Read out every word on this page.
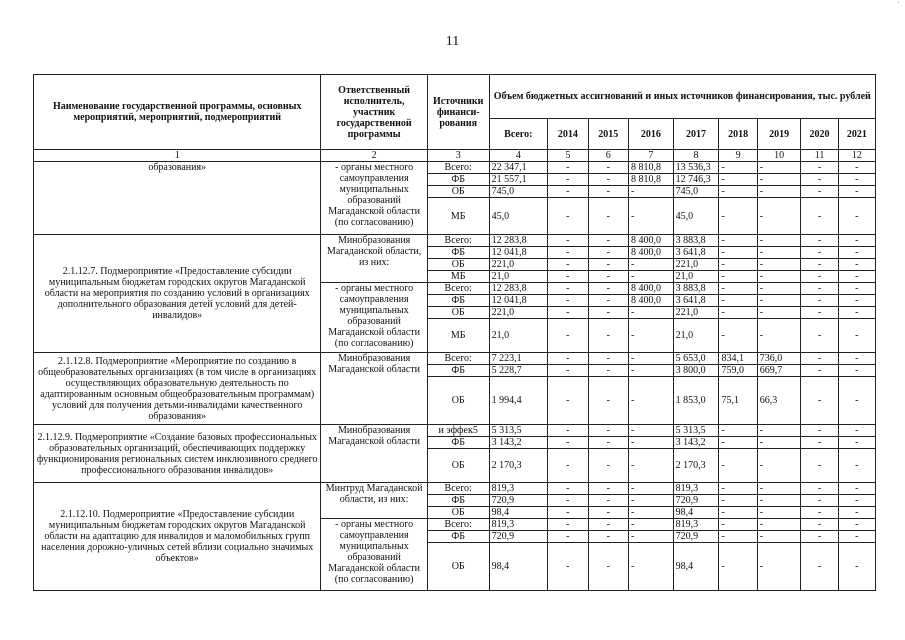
11
'
Наименование государственной программы, основных мероприятий, мероприятий, подмероприятий	Ответственный исполнитель, участник государственной программы	Источники финанси-рования	Объем бюджетных ассигнований и иных источников финансирования, тыс. рублей								
			Всего:	2014	2015	2016	2017	2018	2019	2020	2021
1	2	3	4	5	6	7	8	9	10	11	12
образования»	- органы местного самоуправления муниципальных образований Магаданской области (по согласованию)	Всего:	22 347,1	-	-	8 810,8	13 536,3	-	-	-	-
		ФБ	21 557,1	-	-	8 810,8	12 746,3	-	-	-	-
		ОБ	745,0	-	-	-	745,0	-	-	-	-
		МБ	45,0	-	-	-	45,0	-	-	-	-
2.1.12.7. Подмероприятие «Предоставление субсидии муниципальным бюджетам городских округов Магаданской области на мероприятия по созданию условий в организациях дополнительного образования детей условий для детей-инвалидов»	Минобразования Магаданской области, из них:	Всего:	12 283,8	-	-	8 400,0	3 883,8	-	-	-	-
		ФБ	12 041,8	-	-	8 400,0	3 641,8	-	-	-	-
		ОБ	221,0	-	-	-	221,0	-	-	-	-
		МБ	21,0	-	-	-	21,0	-	-	-	-
	- органы местного самоуправления муниципальных образований Магаданской области (по согласованию)	Всего:	12 283,8	-	-	8 400,0	3 883,8	-	-	-	-
		ФБ	12 041,8	-	-	8 400,0	3 641,8	-	-	-	-
		ОБ	221,0	-	-	-	221,0	-	-	-	-
		МБ	21,0	-	-	-	21,0	-	-	-	-
2.1.12.8. Подмероприятие «Мероприятие по созданию в общеобразовательных организациях (в том числе в организациях осуществляющих образовательную деятельность по адаптированным основным общеобразовательным программам) условий для получения детьми-инвалидами качественного образования»	Минобразования Магаданской области	Всего:	7 223,1	-	-	-	5 653,0	834,1	736,0	-	-
		ФБ	5 228,7	-	-	-	3 800,0	759,0	669,7	-	-
		ОБ	1 994,4	-	-	-	1 853,0	75,1	66,3	-	-
2.1.12.9. Подмероприятие «Создание базовых профессиональных образовательных организаций, обеспечивающих поддержку функционирования региональных систем инклюзивного среднего профессионального образования инвалидов»	Минобразования Магаданской области	и эффек5	5 313,5	-	-	-	5 313,5	-	-	-	-
		ФБ	3 143,2	-	-	-	3 143,2	-	-	-	-
		ОБ	2 170,3	-	-	-	2 170,3	-	-	-	-
2.1.12.10. Подмероприятие «Предоставление субсидии муниципальным бюджетам городских округов Магаданской области на адаптацию для инвалидов и маломобильных групп населения дорожно-уличных сетей вблизи социально значимых объектов»	Минтруд Магаданской области, из них:	Всего:	819,3	-	-	-	819,3	-	-	-	-
		ФБ	720,9	-	-	-	720,9	-	-	-	-
		ОБ	98,4	-	-	-	98,4	-	-	-	-
	- органы местного самоуправления муниципальных образований Магаданской области (по согласованию)	Всего:	819,3	-	-	-	819,3	-	-	-	-
		ФБ	720,9	-	-	-	720,9	-	-	-	-
		ОБ	98,4	-	-	-	98,4	-	-	-	-
